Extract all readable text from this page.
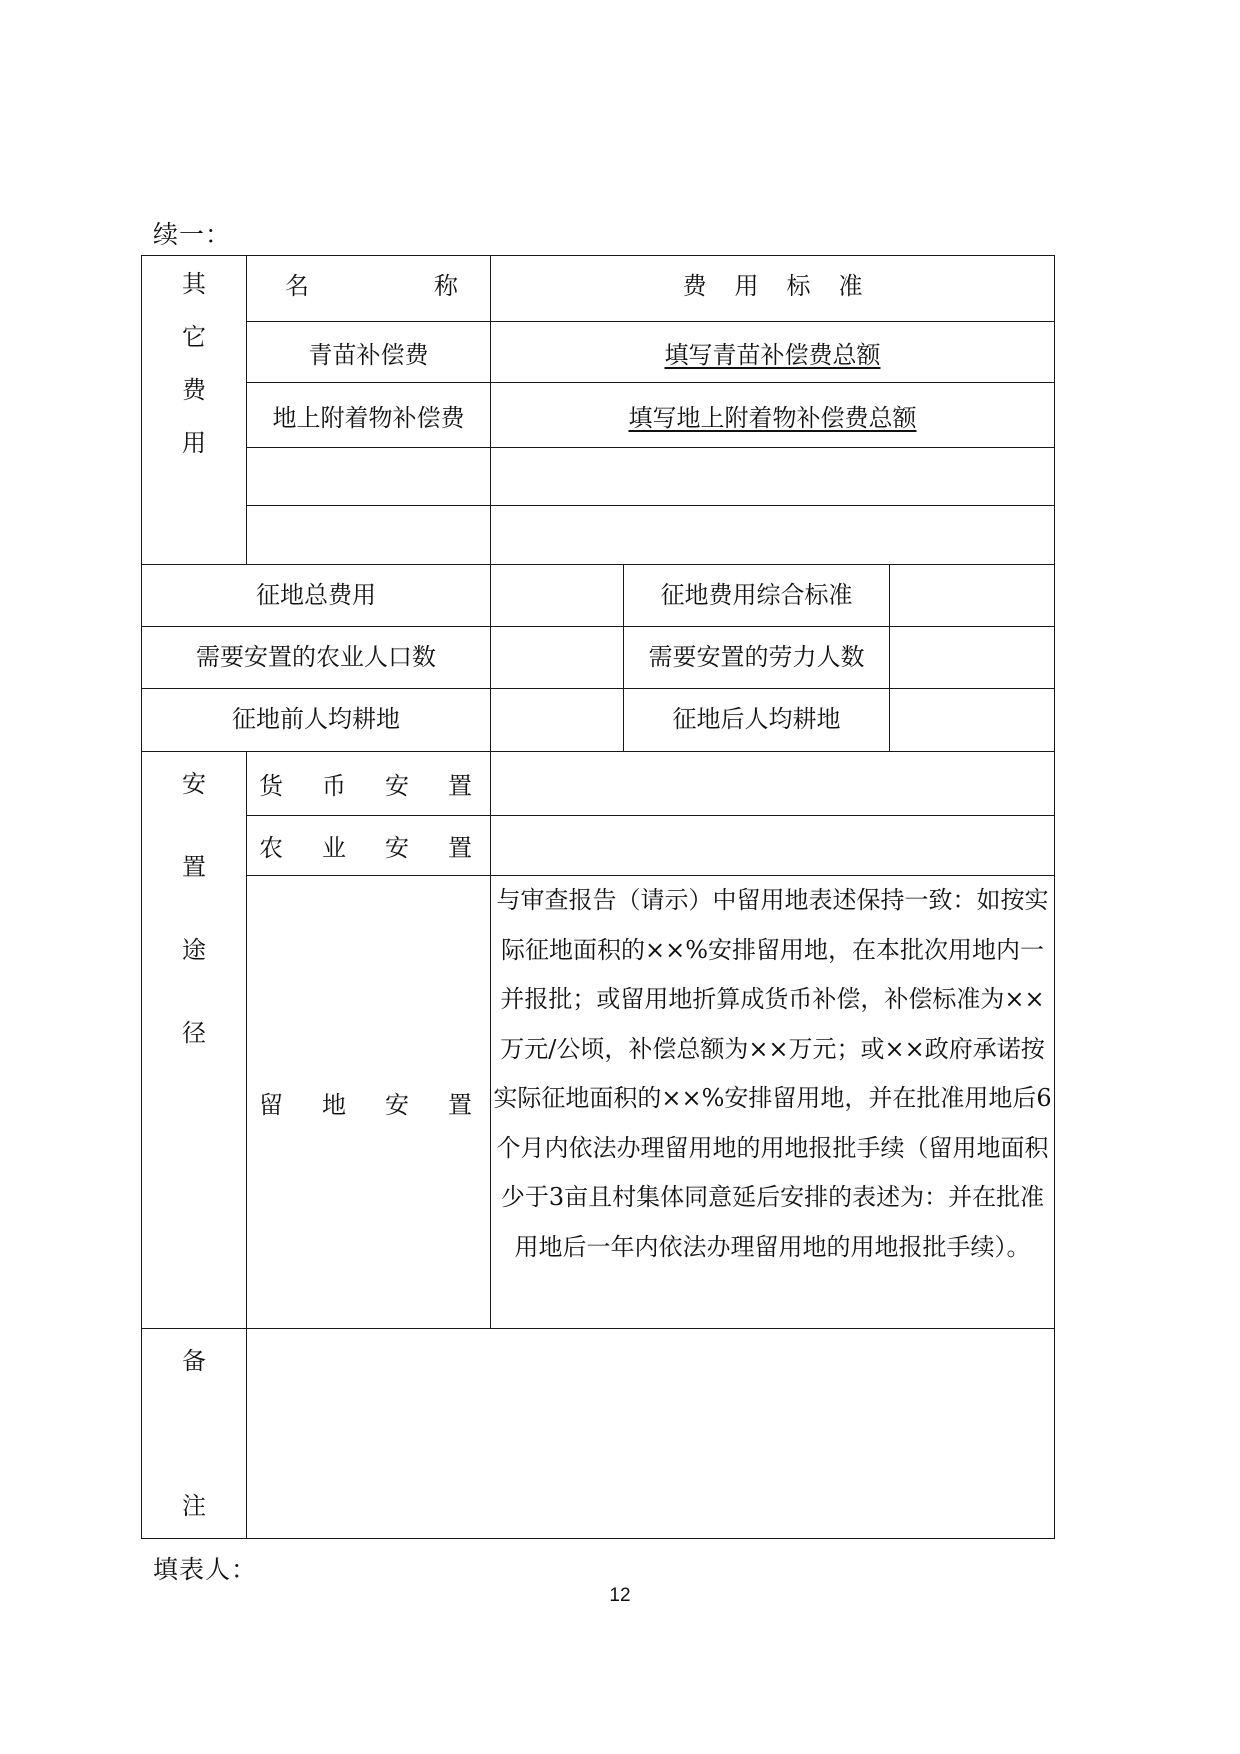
续一：
其
它
费
用	名 称	费 用 标 准		

	青苗补偿费	填写青苗补偿费总额		
	地上附着物补偿费	填写地上附着物补偿费总额		

征地总费用			征地费用综合标准	
需要安置的农业人口数			需要安置的劳力人数	
征地前人均耕地			征地后人均耕地	

安
置
途
径	货 币 安 置			

	农 业 安 置			

	留 地 安 置	与审查报告（请示）中留用地表述保持一致：如按实际征地面积的××%安排留用地，在本批次用地内一并报批；或留用地折算成货币补偿，补偿标准为××万元/公顷，补偿总额为××万元；或××政府承诺按实际征地面积的××%安排留用地，并在批准用地后6个月内依法办理留用地的用地报批手续（留用地面积少于3亩且村集体同意延后安排的表述为：并在批准用地后一年内依法办理留用地的用地报批手续）。		

备
注				

填表人：
12
